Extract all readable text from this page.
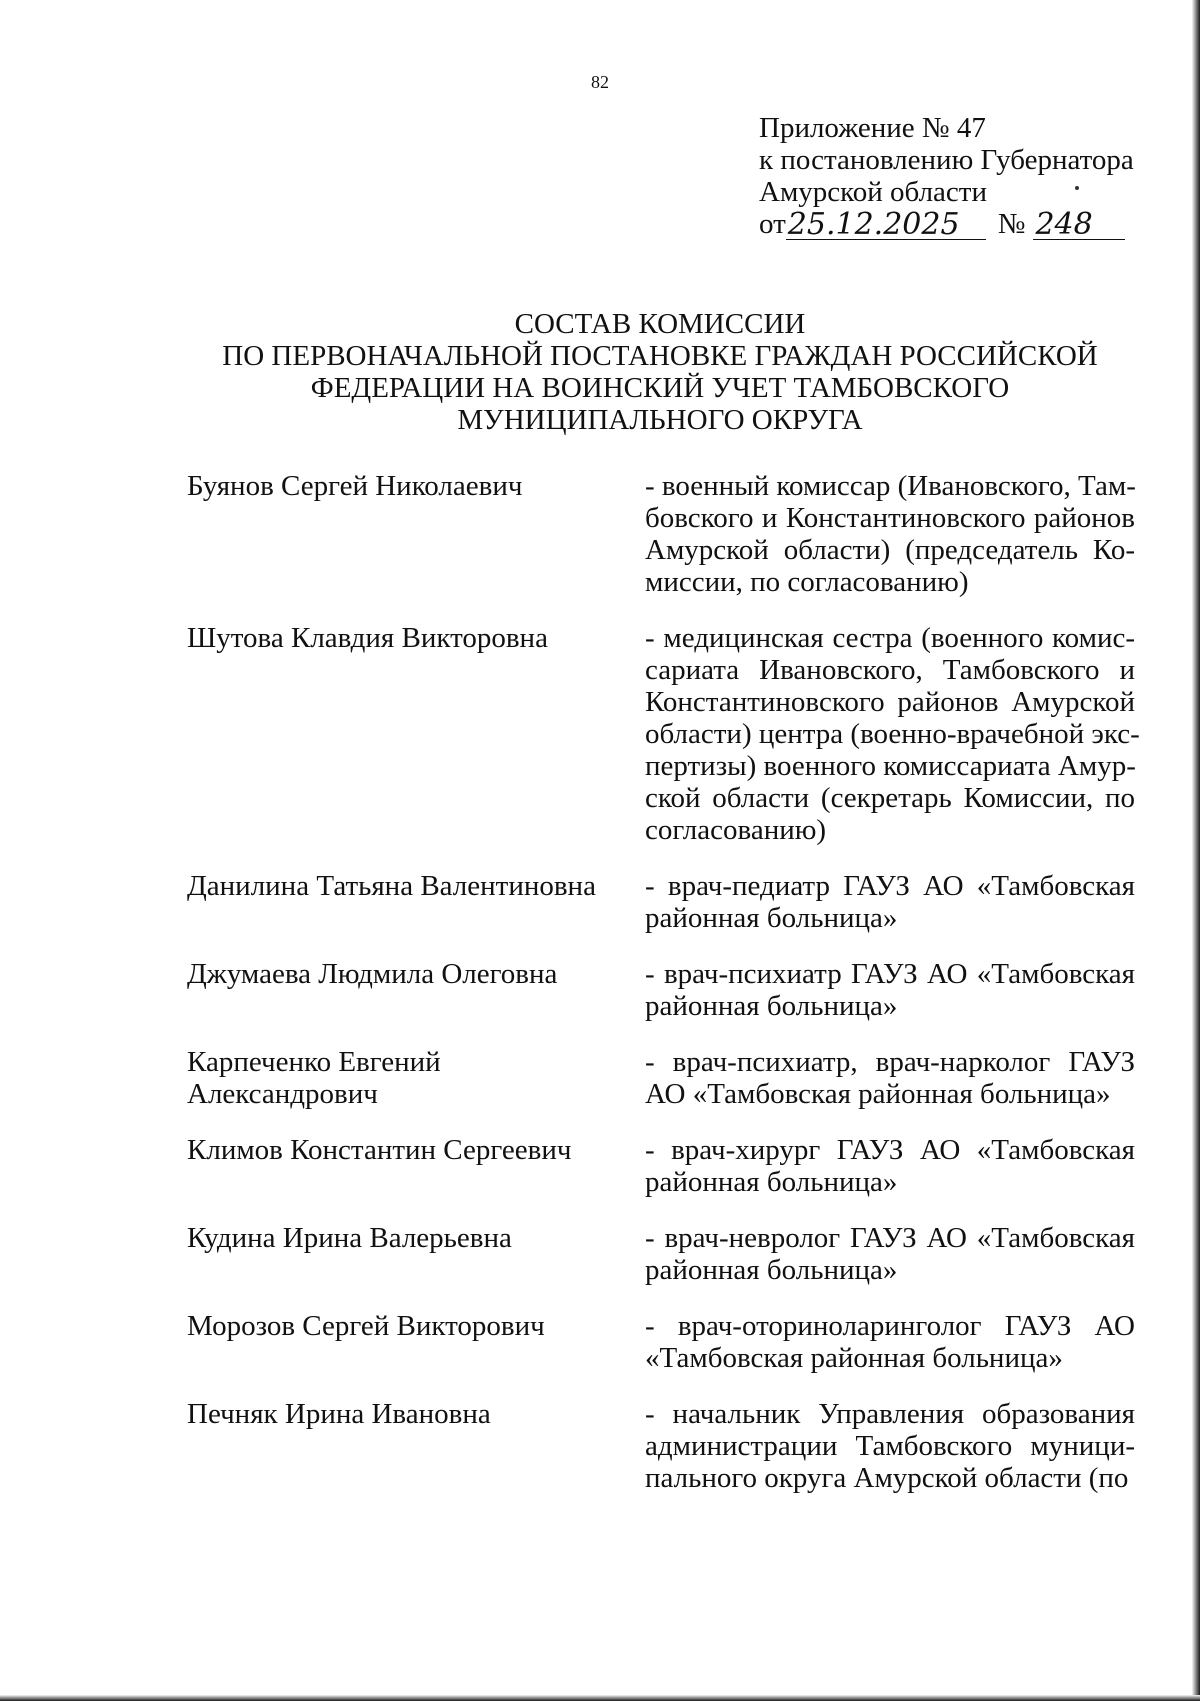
82
Приложение № 47
к постановлению Губернатора
Амурской области
от 25.12.2025	№ 248
СОСТАВ КОМИССИИ
ПО ПЕРВОНАЧАЛЬНОЙ ПОСТАНОВКЕ ГРАЖДАН РОССИЙСКОЙ
ФЕДЕРАЦИИ НА ВОИНСКИЙ УЧЕТ ТАМБОВСКОГО
МУНИЦИПАЛЬНОГО ОКРУГА
Буянов Сергей Николаевич	- военный комиссар (Ивановского, Там-
бовского и Константиновского районов
Амурской области) (председатель Ко-
миссии, по согласованию)
Шутова Клавдия Викторовна	- медицинская сестра (военного комис-
сариата Ивановского, Тамбовского и
Константиновского районов Амурской
области) центра (военно-врачебной экс-
пертизы) военного комиссариата Амур-
ской области (секретарь Комиссии, по
согласованию)
Данилина Татьяна Валентиновна	- врач-педиатр ГАУЗ АО «Тамбовская
районная больница»
Джумаева Людмила Олеговна	- врач-психиатр ГАУЗ АО «Тамбовская
районная больница»
Карпеченко Евгений
Александрович
- врач-психиатр, врач-нарколог ГАУЗ
АО «Тамбовская районная больница»
Климов Константин Сергеевич	- врач-хирург ГАУЗ АО «Тамбовская
районная больница»
Кудина Ирина Валерьевна	- врач-невролог ГАУЗ АО «Тамбовская
районная больница»
Морозов Сергей Викторович	- врач-оториноларинголог ГАУЗ АО
«Тамбовская районная больница»
Печняк Ирина Ивановна	- начальник Управления образования
администрации Тамбовского муници-
пального округа Амурской области (по
